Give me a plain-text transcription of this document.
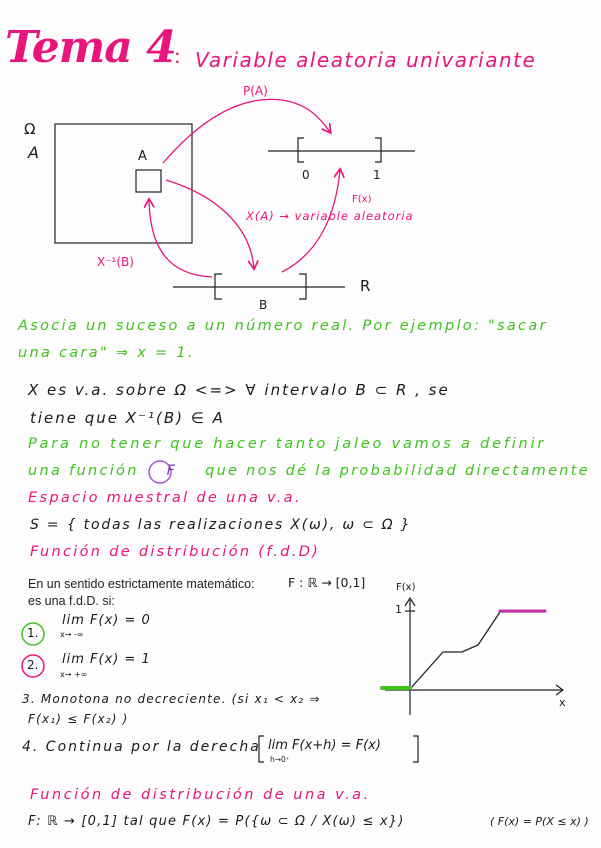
Tema 4
: Variable aleatoria univariante
Ω
A	A
P(A)
0	1
F(x)
X(A) → variable aleatoria
X⁻¹(B)
B
R
Asocia un suceso a un número real. Por ejemplo: "sacar
una cara" ⇒ x = 1.
X es v.a. sobre Ω <=> ∀ intervalo B ⊂ R , se
tiene que X⁻¹(B) ∈ A
Para no tener que hacer tanto jaleo vamos a definir
una función F que nos dé la probabilidad directamente
Espacio muestral de una v.a.
S = { todas las realizaciones X(ω), ω ⊂ Ω }
Función de distribución (f.d.D)
En un sentido estrictamente matemático:
es una f.d.D. si:
F : ℝ → [0,1]
1.
lim F(x) = 0
x→ -∞
2. lim F(x) = 1
x→ +∞
3. Monotona no decreciente. (si x₁ < x₂ ⇒
F(x₁) ≤ F(x₂) )
4. Continua por la derecha lim F(x+h) = F(x)
h→0⁺
F(x)
1
x
Función de distribución de una v.a.
F: ℝ → [0,1] tal que F(x) = P({ω ⊂ Ω / X(ω) ≤ x})	( F(x) = P(X ≤ x) )
